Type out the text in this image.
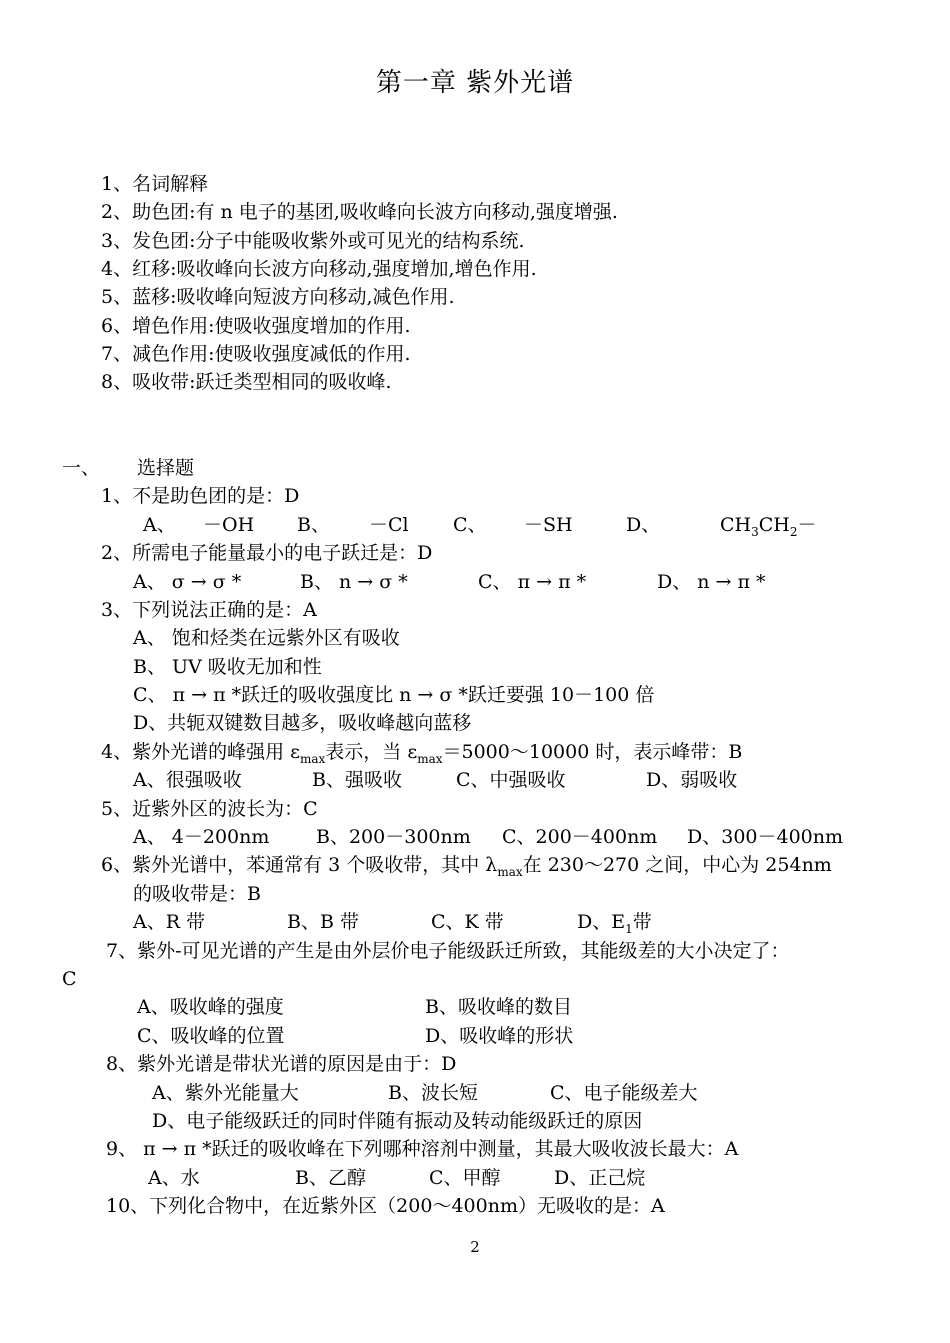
第一章 紫外光谱
1、名词解释
2、助色团:有 n 电子的基团,吸收峰向长波方向移动,强度增强.
3、发色团:分子中能吸收紫外或可见光的结构系统.
4、红移:吸收峰向长波方向移动,强度增加,增色作用.
5、蓝移:吸收峰向短波方向移动,减色作用.
6、增色作用:使吸收强度增加的作用.
7、减色作用:使吸收强度减低的作用.
8、吸收带:跃迁类型相同的吸收峰.
一、 选择题
1、不是助色团的是：D
A、 －OH B、 －Cl C、 －SH	D、	$CH_3CH_2-$
2、所需电子能量最小的电子跃迁是：D
A、 σ → σ *	B、 n → σ *	C、 π → π *	D、 n → π *
3、下列说法正确的是：A
A、 饱和烃类在远紫外区有吸收
B、 UV 吸收无加和性
C、 π → π *跃迁的吸收强度比 n → σ *跃迁要强 10－100 倍
D、共轭双键数目越多，吸收峰越向蓝移
4、紫外光谱的峰强用 $\varepsilon_{max}$表示，当 $\varepsilon_{max}=5000\sim 10000$ 时，表示峰带：B
A、很强吸收	B、强吸收	C、中强吸收	D、弱吸收
5、近紫外区的波长为：C
A、 4－200nm B、200－300nm C、200－400nm D、300－400nm
6、紫外光谱中，苯通常有 3 个吸收带，其中 $\lambda_{max}$在 230～270 之间，中心为 254nm
的吸收带是：B
A、R 带	B、B 带	C、K 带	D、$E_1$带
7、紫外-可见光谱的产生是由外层价电子能级跃迁所致，其能级差的大小决定了：
C
A、吸收峰的强度	B、吸收峰的数目
C、吸收峰的位置	D、吸收峰的形状
8、紫外光谱是带状光谱的原因是由于：D
A、紫外光能量大	B、波长短	C、电子能级差大
D、电子能级跃迁的同时伴随有振动及转动能级跃迁的原因
9、 π → π *跃迁的吸收峰在下列哪种溶剂中测量，其最大吸收波长最大：A
A、水	B、乙醇	C、甲醇	D、正己烷
10、下列化合物中，在近紫外区（200～400nm）无吸收的是：A
2
